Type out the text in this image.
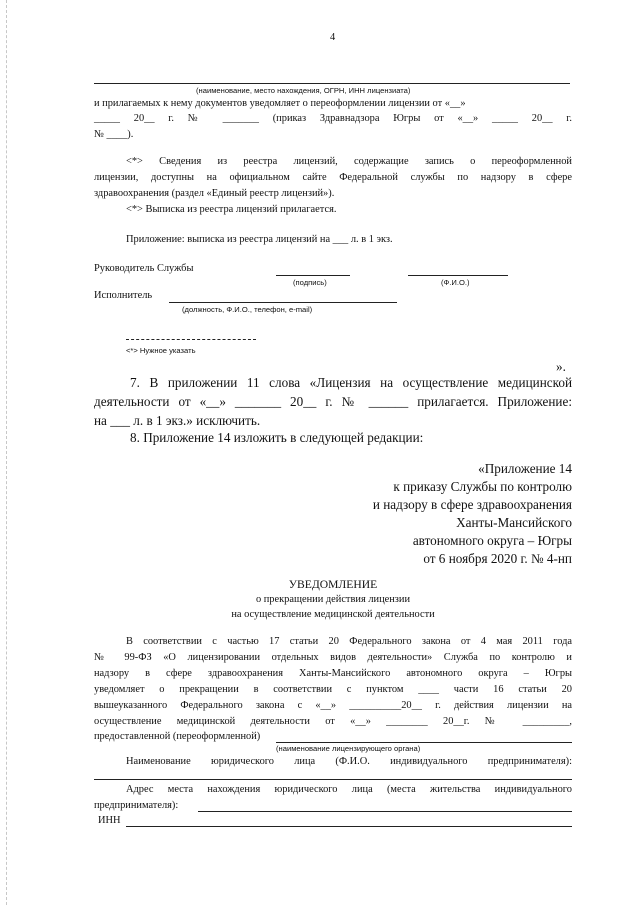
4
(наименование, место нахождения, ОГРН, ИНН лицензиата)
и прилагаемых к нему документов уведомляет о переоформлении лицензии от «__»
_____ 20__ г. № _______ (приказ Здравнадзора Югры от «__» _____ 20__ г.
№ ____).
<*> Сведения из реестра лицензий, содержащие запись о переоформленной
лицензии, доступны на официальном сайте Федеральной службы по надзору в сфере
здравоохранения (раздел «Единый реестр лицензий»).
<*> Выписка из реестра лицензий прилагается.
Приложение: выписка из реестра лицензий на ___ л. в 1 экз.
Руководитель Службы
(подпись)	(Ф.И.О.)
Исполнитель
(должность, Ф.И.О., телефон, e-mail)
<*> Нужное указать
».
7. В приложении 11 слова «Лицензия на осуществление медицинской
деятельности от «__» _______ 20__ г. № ______ прилагается. Приложение:
на ___ л. в 1 экз.» исключить.
8. Приложение 14 изложить в следующей редакции:
«Приложение 14
к приказу Службы по контролю
и надзору в сфере здравоохранения
Ханты-Мансийского
автономного округа – Югры
от 6 ноября 2020 г. № 4-нп
УВЕДОМЛЕНИЕ
о прекращении действия лицензии
на осуществление медицинской деятельности
В соответствии с частью 17 статьи 20 Федерального закона от 4 мая 2011 года
№ 99-ФЗ «О лицензировании отдельных видов деятельности» Служба по контролю и
надзору в сфере здравоохранения Ханты-Мансийского автономного округа – Югры
уведомляет о прекращении в соответствии с пунктом ____ части 16 статьи 20
вышеуказанного Федерального закона с «__» __________20__ г. действия лицензии на
осуществление медицинской деятельности от «__» ________ 20__г. № _________,
предоставленной (переоформленной)
(наименование лицензирующего органа)
Наименование юридического лица (Ф.И.О. индивидуального предпринимателя):
Адрес места нахождения юридического лица (места жительства индивидуального
предпринимателя):
ИНН
